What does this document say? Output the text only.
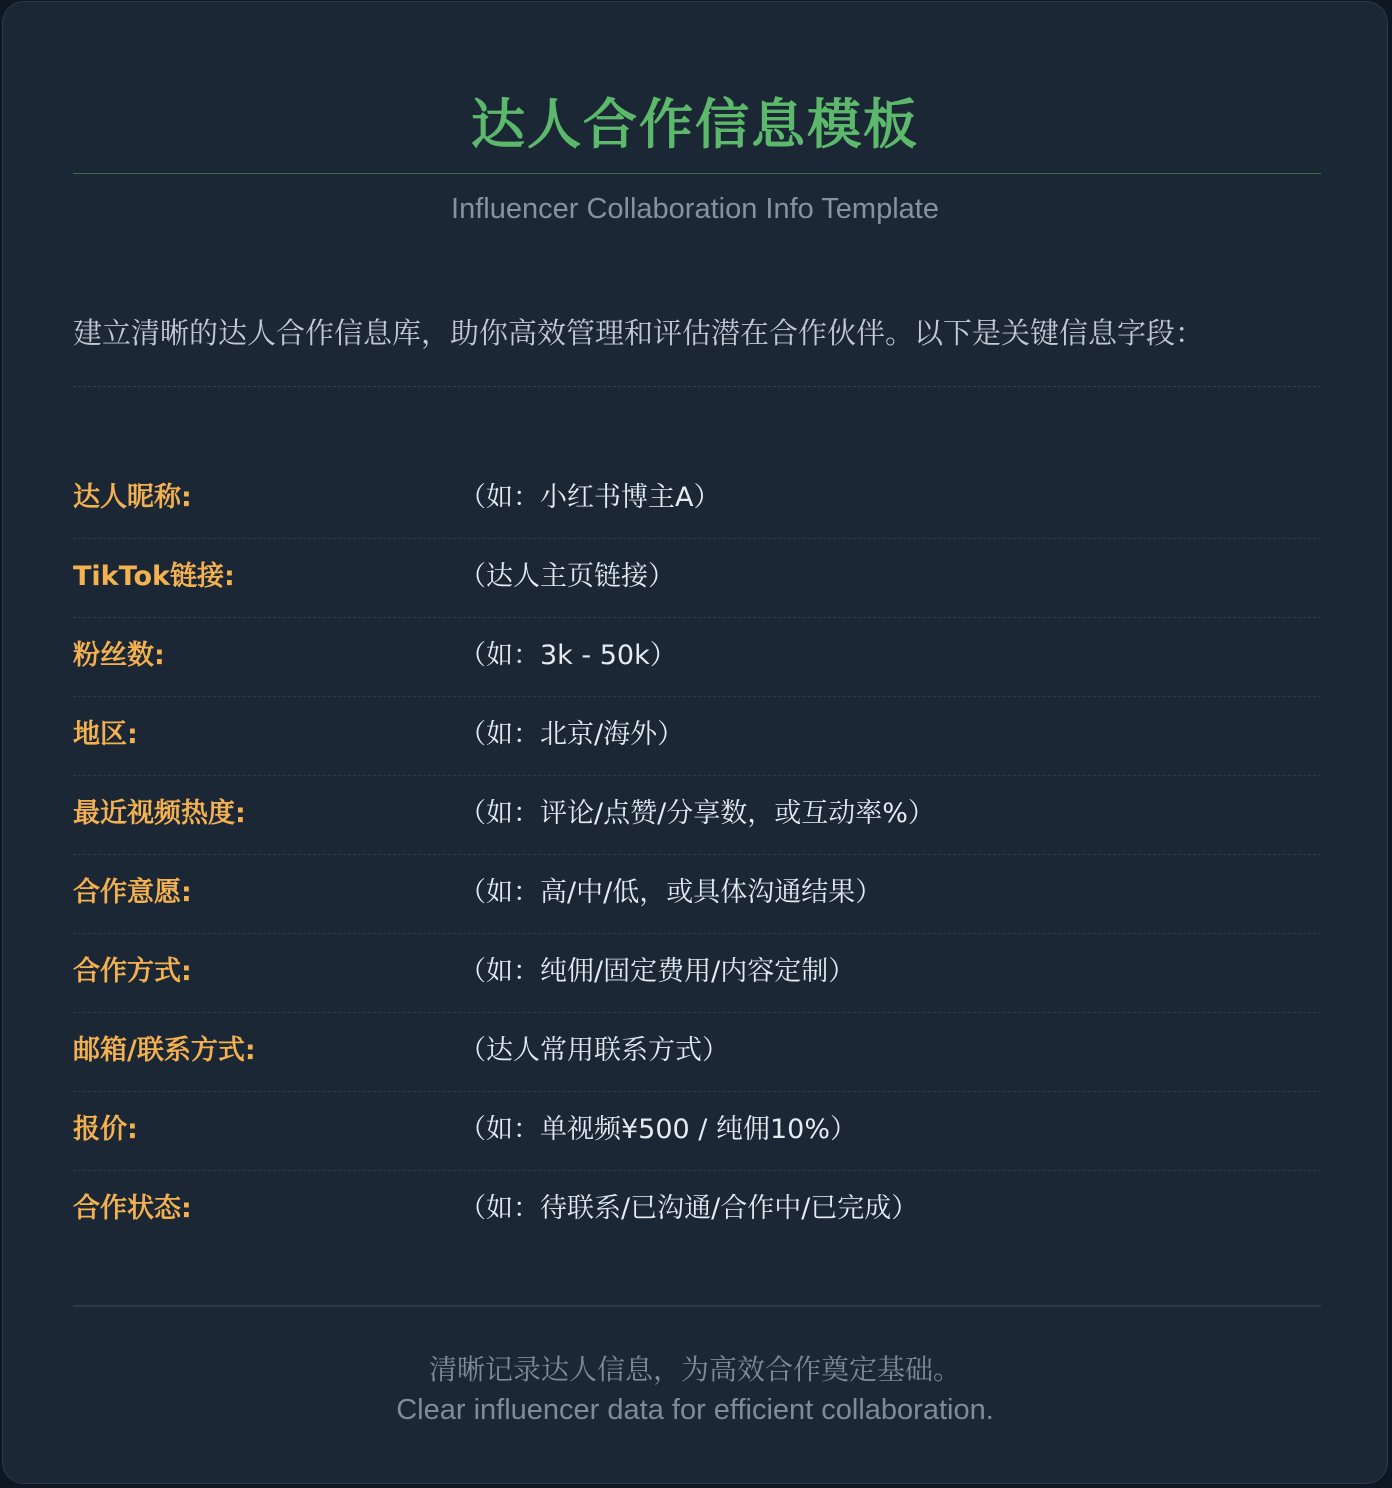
达人合作信息模板
Influencer Collaboration Info Template
建立清晰的达人合作信息库，助你高效管理和评估潜在合作伙伴。以下是关键信息字段：
达人昵称:	（如：小红书博主A）
TikTok链接:	（达人主页链接）
粉丝数:	（如：3k - 50k）
地区:	（如：北京/海外）
最近视频热度:	（如：评论/点赞/分享数，或互动率%）
合作意愿:	（如：高/中/低，或具体沟通结果）
合作方式:	（如：纯佣/固定费用/内容定制）
邮箱/联系方式:	（达人常用联系方式）
报价:	（如：单视频¥500 / 纯佣10%）
合作状态:	（如：待联系/已沟通/合作中/已完成）
清晰记录达人信息，为高效合作奠定基础。
Clear influencer data for efficient collaboration.
